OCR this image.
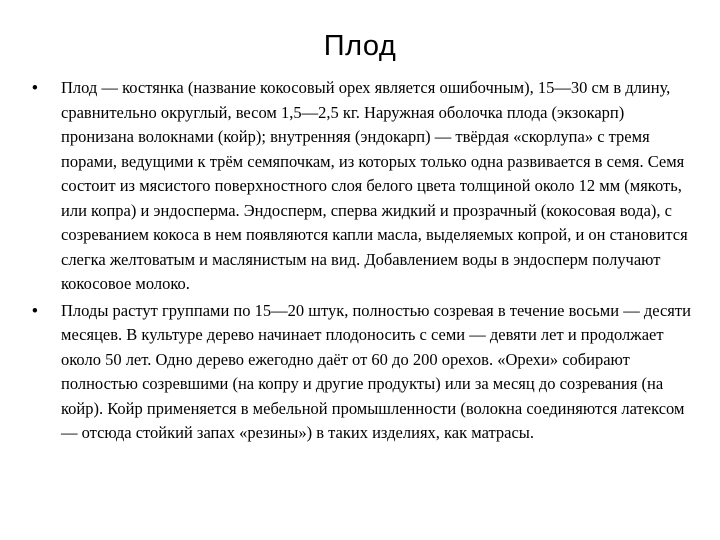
Плод
• Плод — костянка (название кокосовый орех является ошибочным), 15—30 см в длину, сравнительно округлый, весом 1,5—2,5 кг. Наружная оболочка плода (экзокарп) пронизана волокнами (койр); внутренняя (эндокарп) — твёрдая «скорлупа» с тремя порами, ведущими к трём семяпочкам, из которых только одна развивается в семя. Семя состоит из мясистого поверхностного слоя белого цвета толщиной около 12 мм (мякоть, или копра) и эндосперма. Эндосперм, сперва жидкий и прозрачный (кокосовая вода), с созреванием кокоса в нем появляются капли масла, выделяемых копрой, и он становится слегка желтоватым и маслянистым на вид. Добавлением воды в эндосперм получают кокосовое молоко.

• Плоды растут группами по 15—20 штук, полностью созревая в течение восьми — десяти месяцев. В культуре дерево начинает плодоносить с семи — девяти лет и продолжает около 50 лет. Одно дерево ежегодно даёт от 60 до 200 орехов. «Орехи» собирают полностью созревшими (на копру и другие продукты) или за месяц до созревания (на койр). Койр применяется в мебельной промышленности (волокна соединяются латексом — отсюда стойкий запах «резины») в таких изделиях, как матрасы.
